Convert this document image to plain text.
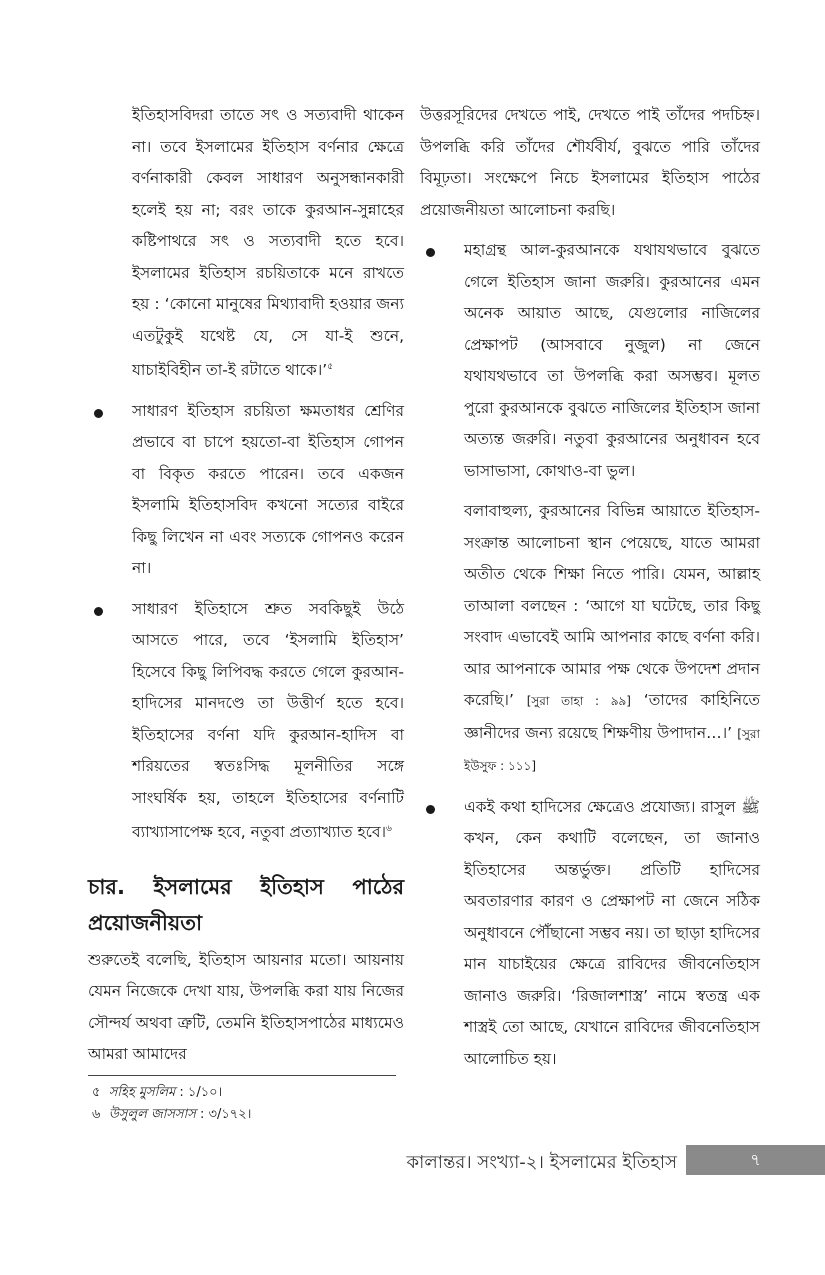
ইতিহাসবিদরা তাতে সৎ ও সত্যবাদী থাকেন না। তবে ইসলামের ইতিহাস বর্ণনার ক্ষেত্রে বর্ণনাকারী কেবল সাধারণ অনুসন্ধানকারী হলেই হয় না; বরং তাকে কুরআন-সুন্নাহের কষ্টিপাথরে সৎ ও সত্যবাদী হতে হবে। ইসলামের ইতিহাস রচয়িতাকে মনে রাখতে হয় : ‘কোনো মানুষের মিথ্যাবাদী হওয়ার জন্য এতটুকুই যথেষ্ট যে, সে যা-ই শুনে, যাচাইবিহীন তা-ই রটাতে থাকে।’$^৫$

সাধারণ ইতিহাস রচয়িতা ক্ষমতাধর শ্রেণির প্রভাবে বা চাপে হয়তো-বা ইতিহাস গোপন বা বিকৃত করতে পারেন। তবে একজন ইসলামি ইতিহাসবিদ কখনো সত্যের বাইরে কিছু লিখেন না এবং সত্যকে গোপনও করেন না।

সাধারণ ইতিহাসে শ্রুত সবকিছুই উঠে আসতে পারে, তবে ‘ইসলামি ইতিহাস’ হিসেবে কিছু লিপিবদ্ধ করতে গেলে কুরআন-হাদিসের মানদণ্ডে তা উত্তীর্ণ হতে হবে। ইতিহাসের বর্ণনা যদি কুরআন-হাদিস বা শরিয়তের স্বতঃসিদ্ধ মূলনীতির সঙ্গে সাংঘর্ষিক হয়, তাহলে ইতিহাসের বর্ণনাটি ব্যাখ্যাসাপেক্ষ হবে, নতুবা প্রত্যাখ্যাত হবে।$^৬$

চার. ইসলামের ইতিহাস পাঠের প্রয়োজনীয়তা

শুরুতেই বলেছি, ইতিহাস আয়নার মতো। আয়নায় যেমন নিজেকে দেখা যায়, উপলব্ধি করা যায় নিজের সৌন্দর্য অথবা ত্রুটি, তেমনি ইতিহাসপাঠের মাধ্যমেও আমরা আমাদের

উত্তরসূরিদের দেখতে পাই, দেখতে পাই তাঁদের পদচিহ্ন। উপলব্ধি করি তাঁদের শৌর্যবীর্য, বুঝতে পারি তাঁদের বিমূঢ়তা। সংক্ষেপে নিচে ইসলামের ইতিহাস পাঠের প্রয়োজনীয়তা আলোচনা করছি।

মহাগ্রন্থ আল-কুরআনকে যথাযথভাবে বুঝতে গেলে ইতিহাস জানা জরুরি। কুরআনের এমন অনেক আয়াত আছে, যেগুলোর নাজিলের প্রেক্ষাপট (আসবাবে নুজুল) না জেনে যথাযথভাবে তা উপলব্ধি করা অসম্ভব। মূলত পুরো কুরআনকে বুঝতে নাজিলের ইতিহাস জানা অত্যন্ত জরুরি। নতুবা কুরআনের অনুধাবন হবে ভাসাভাসা, কোথাও-বা ভুল।

বলাবাহুল্য, কুরআনের বিভিন্ন আয়াতে ইতিহাস-সংক্রান্ত আলোচনা স্থান পেয়েছে, যাতে আমরা অতীত থেকে শিক্ষা নিতে পারি। যেমন, আল্লাহ তাআলা বলছেন : ‘আগে যা ঘটেছে, তার কিছু সংবাদ এভাবেই আমি আপনার কাছে বর্ণনা করি। আর আপনাকে আমার পক্ষ থেকে উপদেশ প্রদান করেছি।’ [সুরা তাহা : ৯৯] ‘তাদের কাহিনিতে জ্ঞানীদের জন্য রয়েছে শিক্ষণীয় উপাদান…।’ [সুরা ইউসুফ : ১১১]

একই কথা হাদিসের ক্ষেত্রেও প্রযোজ্য। রাসুল ﷺ কখন, কেন কথাটি বলেছেন, তা জানাও ইতিহাসের অন্তর্ভুক্ত। প্রতিটি হাদিসের অবতারণার কারণ ও প্রেক্ষাপট না জেনে সঠিক অনুধাবনে পৌঁছানো সম্ভব নয়। তা ছাড়া হাদিসের মান যাচাইয়ের ক্ষেত্রে রাবিদের জীবনেতিহাস জানাও জরুরি। ‘রিজালশাস্ত্র’ নামে স্বতন্ত্র এক শাস্ত্রই তো আছে, যেখানে রাবিদের জীবনেতিহাস আলোচিত হয়।

৫ সহিহ মুসলিম : ১/১০।
৬ উসুলুল জাসসাস : ৩/১৭২।
কালান্তর। সংখ্যা-২। ইসলামের ইতিহাস	৭
